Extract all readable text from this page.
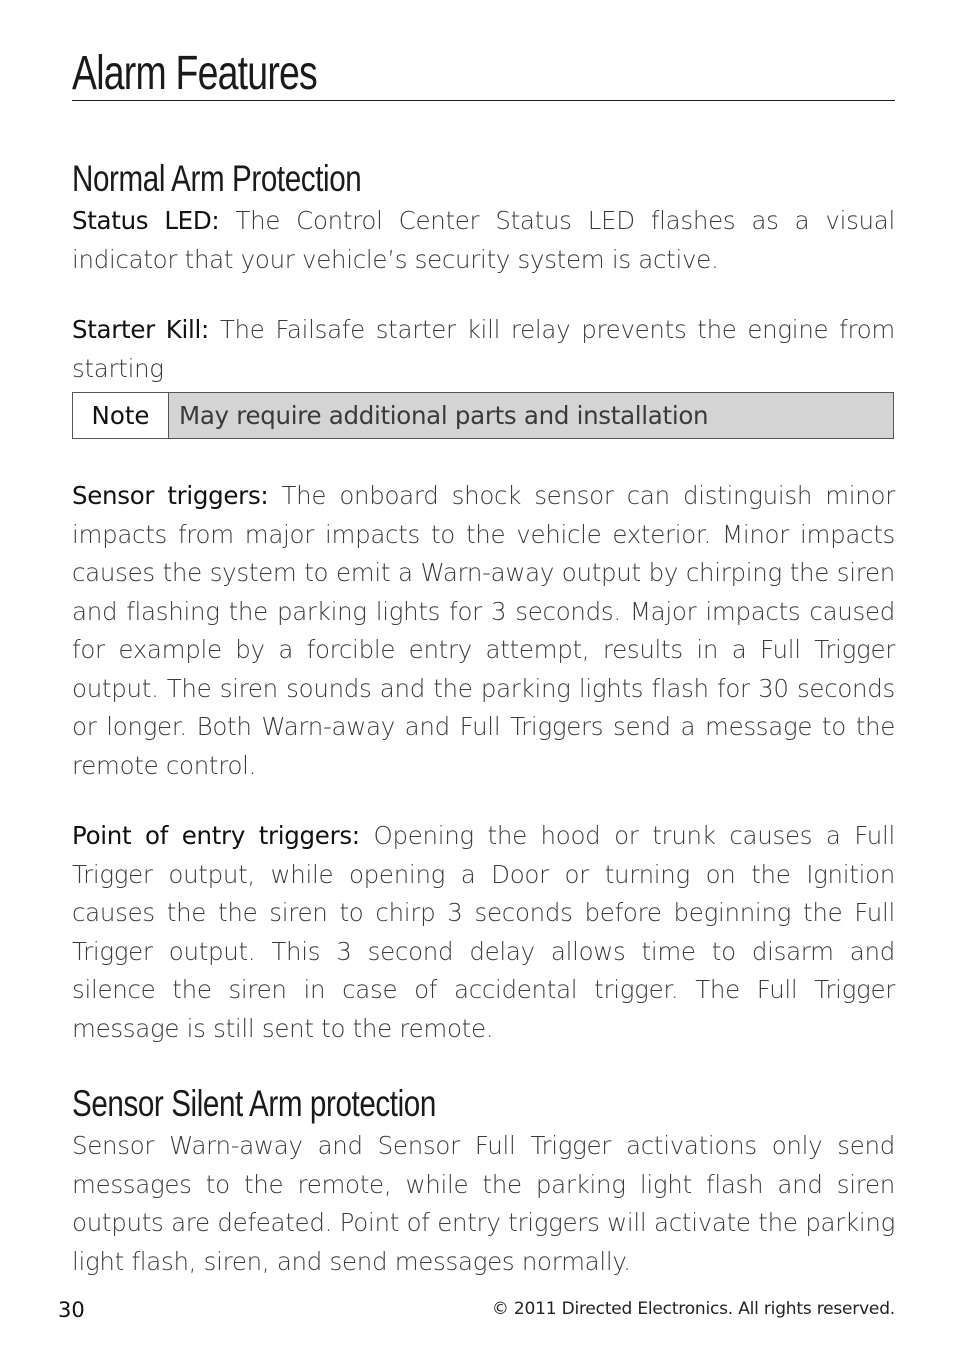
Alarm Features
Normal Arm Protection

Status LED: The Control Center Status LED flashes as a visual indicator that your vehicle’s security system is active.

Starter Kill: The Failsafe starter kill relay prevents the engine from starting

Note	May require additional parts and installation

Sensor triggers: The onboard shock sensor can distinguish minor impacts from major impacts to the vehicle exterior. Minor impacts causes the system to emit a Warn-away output by chirping the siren and flashing the parking lights for 3 seconds. Major impacts caused for example by a forcible entry attempt, results in a Full Trigger output. The siren sounds and the parking lights flash for 30 seconds or longer. Both Warn-away and Full Triggers send a message to the remote control.

Point of entry triggers: Opening the hood or trunk causes a Full Trigger output, while opening a Door or turning on the Ignition causes the the siren to chirp 3 seconds before beginning the Full Trigger output. This 3 second delay allows time to disarm and silence the siren in case of accidental trigger. The Full Trigger message is still sent to the remote.

Sensor Silent Arm protection

Sensor Warn-away and Sensor Full Trigger activations only send messages to the remote, while the parking light flash and siren outputs are defeated. Point of entry triggers will activate the parking light flash, siren, and send messages normally.

30	© 2011 Directed Electronics. All rights reserved.
